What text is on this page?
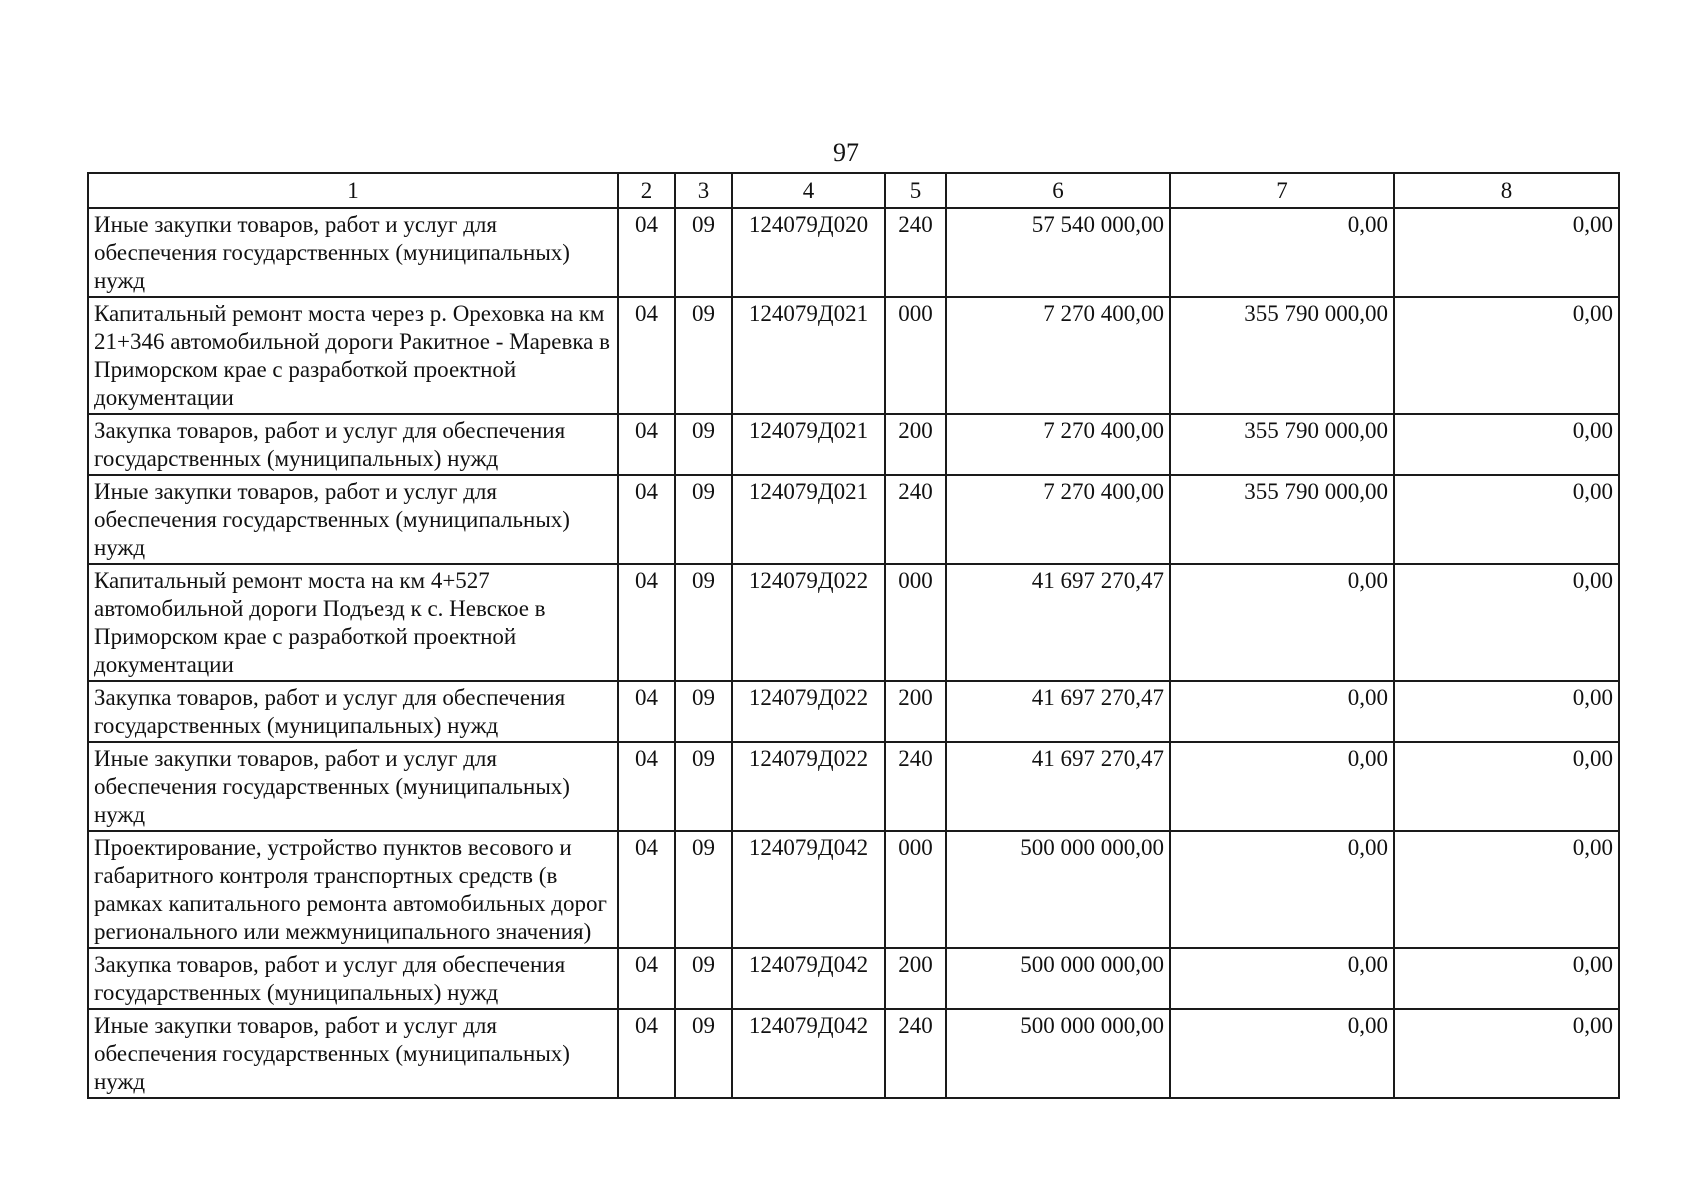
97
1	2	3	4	5	6	7	8
Иные закупки товаров, работ и услуг для обеспечения государственных (муниципальных) нужд	04	09	124079Д020	240	57 540 000,00	0,00	0,00
Капитальный ремонт моста через р. Ореховка на км 21+346 автомобильной дороги Ракитное - Маревка в Приморском крае с разработкой проектной документации	04	09	124079Д021	000	7 270 400,00	355 790 000,00	0,00
Закупка товаров, работ и услуг для обеспечения государственных (муниципальных) нужд	04	09	124079Д021	200	7 270 400,00	355 790 000,00	0,00
Иные закупки товаров, работ и услуг для обеспечения государственных (муниципальных) нужд	04	09	124079Д021	240	7 270 400,00	355 790 000,00	0,00
Капитальный ремонт моста на км 4+527 автомобильной дороги Подъезд к с. Невское в Приморском крае с разработкой проектной документации	04	09	124079Д022	000	41 697 270,47	0,00	0,00
Закупка товаров, работ и услуг для обеспечения государственных (муниципальных) нужд	04	09	124079Д022	200	41 697 270,47	0,00	0,00
Иные закупки товаров, работ и услуг для обеспечения государственных (муниципальных) нужд	04	09	124079Д022	240	41 697 270,47	0,00	0,00
Проектирование, устройство пунктов весового и габаритного контроля транспортных средств (в рамках капитального ремонта автомобильных дорог регионального или межмуниципального значения)	04	09	124079Д042	000	500 000 000,00	0,00	0,00
Закупка товаров, работ и услуг для обеспечения государственных (муниципальных) нужд	04	09	124079Д042	200	500 000 000,00	0,00	0,00
Иные закупки товаров, работ и услуг для обеспечения государственных (муниципальных) нужд	04	09	124079Д042	240	500 000 000,00	0,00	0,00
